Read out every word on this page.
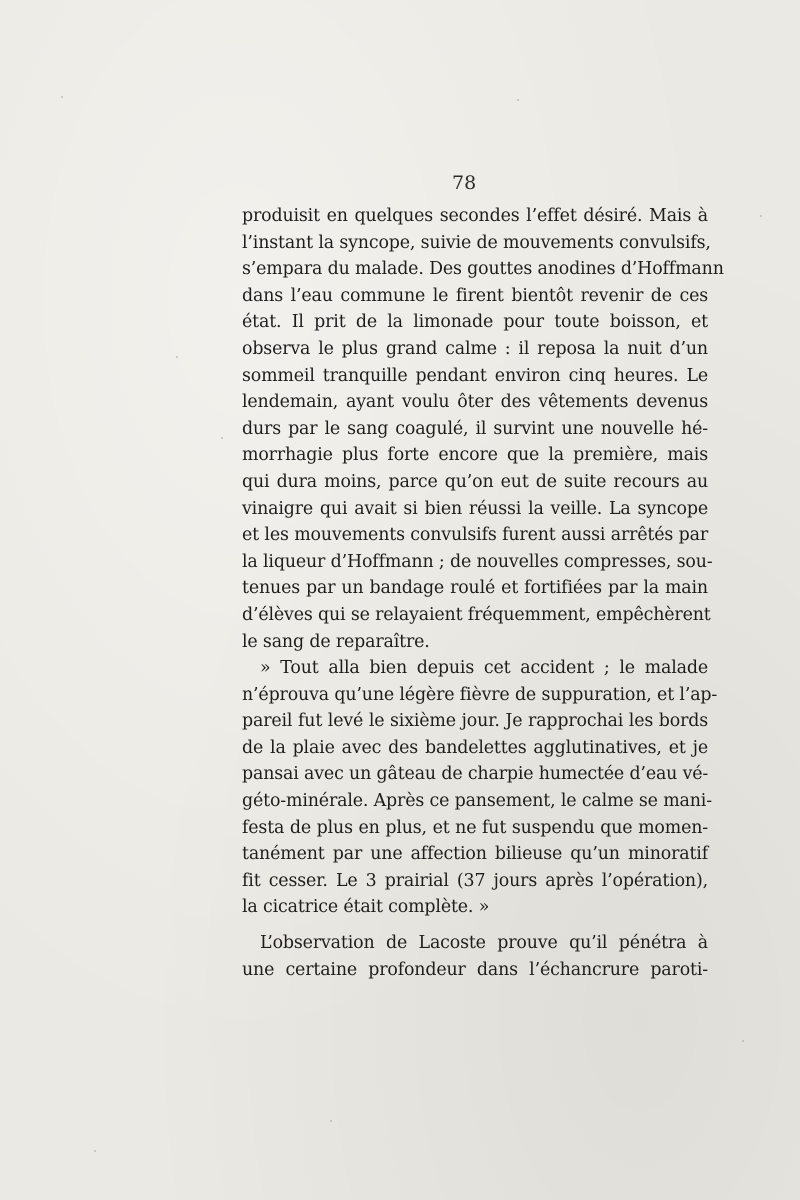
78
produisit en quelques secondes l’effet désiré. Mais à
l’instant la syncope, suivie de mouvements convulsifs,
s’empara du malade. Des gouttes anodines d’Hoffmann
dans l’eau commune le firent bientôt revenir de ces
état. Il prit de la limonade pour toute boisson, et
observa le plus grand calme : il reposa la nuit d’un
sommeil tranquille pendant environ cinq heures. Le
lendemain, ayant voulu ôter des vêtements devenus
durs par le sang coagulé, il survint une nouvelle hé-
morrhagie plus forte encore que la première, mais
qui dura moins, parce qu’on eut de suite recours au
vinaigre qui avait si bien réussi la veille. La syncope
et les mouvements convulsifs furent aussi arrêtés par
la liqueur d’Hoffmann ; de nouvelles compresses, sou-
tenues par un bandage roulé et fortifiées par la main
d’élèves qui se relayaient fréquemment, empêchèrent
le sang de reparaître.
» Tout alla bien depuis cet accident ; le malade
n’éprouva qu’une légère fièvre de suppuration, et l’ap-
pareil fut levé le sixième jour. Je rapprochai les bords
de la plaie avec des bandelettes agglutinatives, et je
pansai avec un gâteau de charpie humectée d’eau vé-
géto-minérale. Après ce pansement, le calme se mani-
festa de plus en plus, et ne fut suspendu que momen-
tanément par une affection bilieuse qu’un minoratif
fit cesser. Le 3 prairial (37 jours après l’opération),
la cicatrice était complète. »
L’observation de Lacoste prouve qu’il pénétra à
une certaine profondeur dans l’échancrure paroti-
